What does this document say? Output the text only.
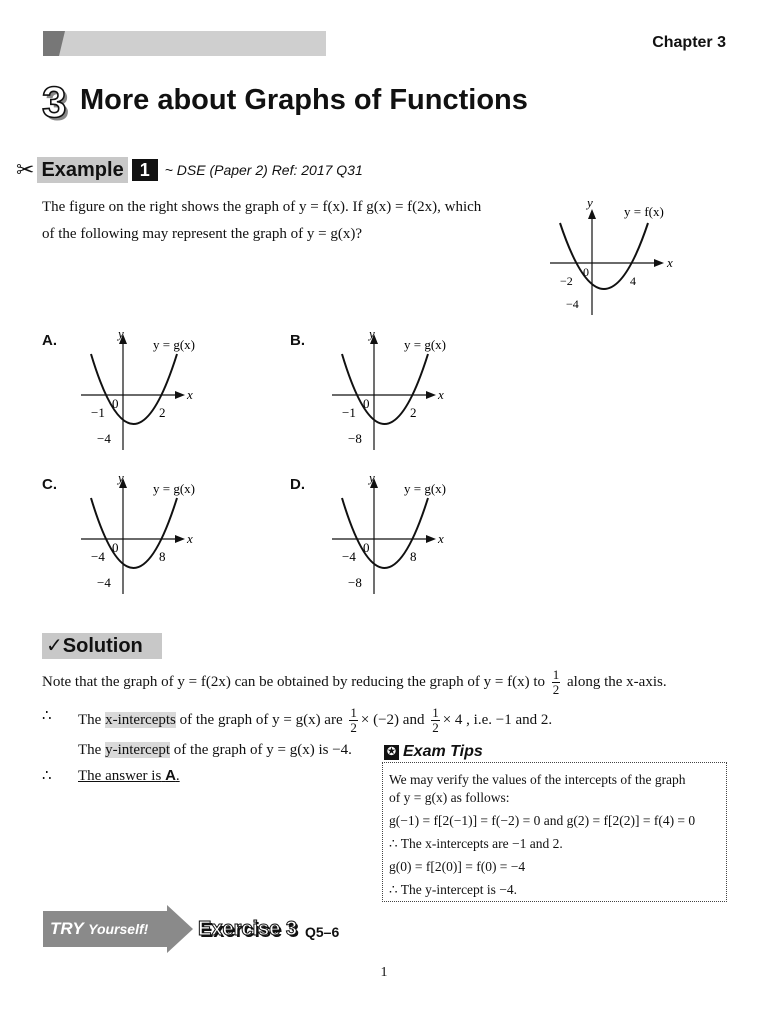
Chapter 3
3 More about Graphs of Functions
✂ Example 1	~ DSE (Paper 2) Ref: 2017 Q31
The figure on the right shows the graph of y = f(x). If g(x) = f(2x), which
of the following may represent the graph of y = g(x)?
x
y
y = f(x)
0
−2	4
−4
A.	B.
C.	D.
x
y
y = g(x)
0
−1	2
−4
x
y
y = g(x)
0
−1	2
−8
x
y
y = g(x)
0
−4	8
−4
x
y
y = g(x)
0
−4	8
−8
✓Solution
Note that the graph of y = f(2x) can be obtained by reducing the graph of y = f(x) to $\frac{1}{2}$ along the x-axis.
∴ The x-intercepts of the graph of y = g(x) are $\frac{1}{2} \times (-2)$ and $\frac{1}{2} \times 4$ , i.e. −1 and 2.
The y-intercept of the graph of y = g(x) is −4.
∴ The answer is A.
✪ Exam Tips
We may verify the values of the intercepts of the graph
of y = g(x) as follows:
g(−1) = f[2(−1)] = f(−2) = 0 and g(2) = f[2(2)] = f(4) = 0
∴ The x-intercepts are −1 and 2.
g(0) = f[2(0)] = f(0) = −4
∴ The y-intercept is −4.
TRY Yourself! Exercise 3 Q5–6
1
